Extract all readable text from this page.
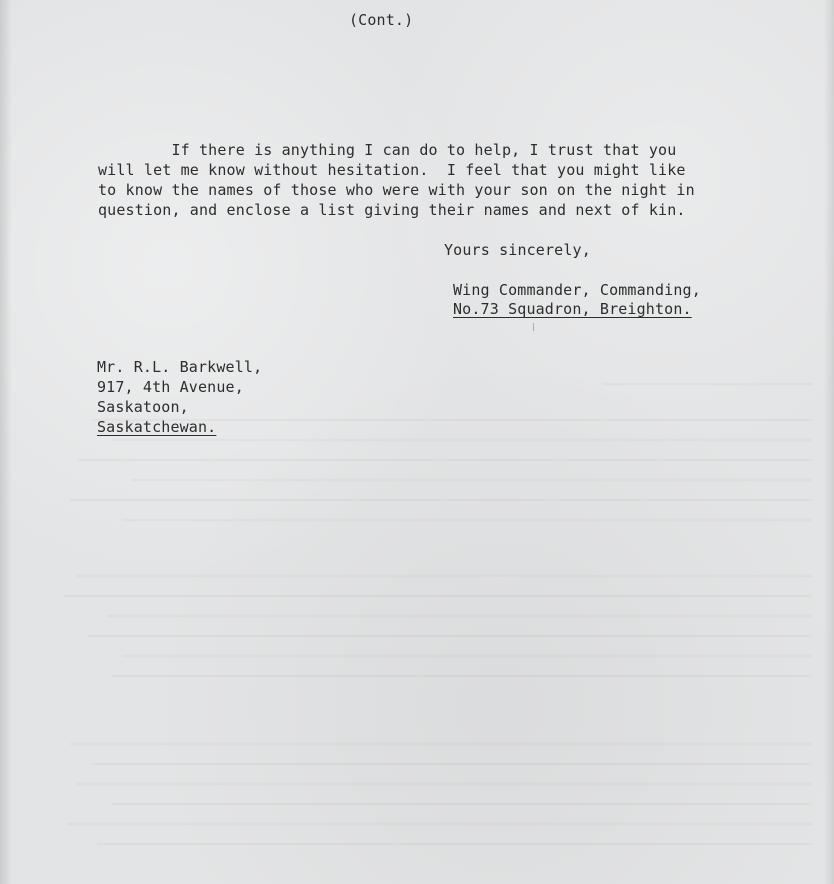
(Cont.)
If there is anything I can do to help, I trust that you
will let me know without hesitation.  I feel that you might like
to know the names of those who were with your son on the night in
question, and enclose a list giving their names and next of kin.
Yours sincerely,
Wing Commander, Commanding,
No.73 Squadron, Breighton.
Mr. R.L. Barkwell,
917, 4th Avenue,
Saskatoon,
Saskatchewan.
